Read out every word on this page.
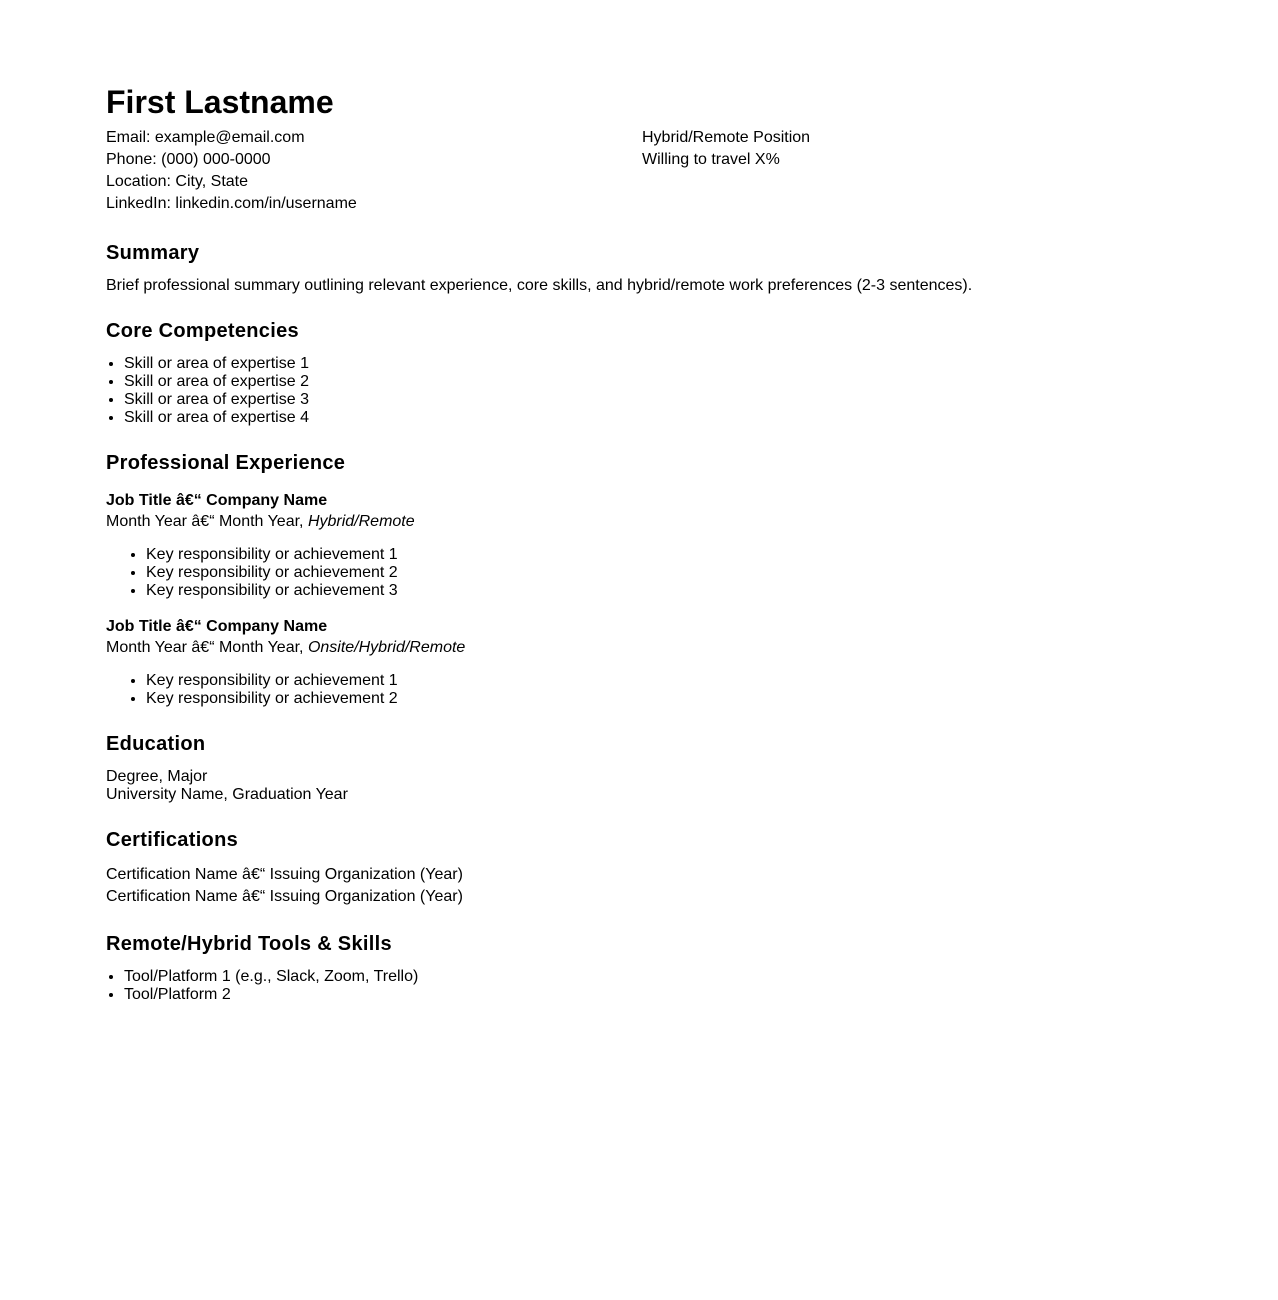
First Lastname
Email: example@email.com
Phone: (000) 000-0000
Location: City, State
LinkedIn: linkedin.com/in/username
Hybrid/Remote Position
Willing to travel X%
Summary
Brief professional summary outlining relevant experience, core skills, and hybrid/remote work preferences (2-3 sentences).
Core Competencies
• Skill or area of expertise 1
• Skill or area of expertise 2
• Skill or area of expertise 3
• Skill or area of expertise 4
Professional Experience
Job Title â€“ Company Name
Month Year â€“ Month Year, Hybrid/Remote
• Key responsibility or achievement 1
• Key responsibility or achievement 2
• Key responsibility or achievement 3
Job Title â€“ Company Name
Month Year â€“ Month Year, Onsite/Hybrid/Remote
• Key responsibility or achievement 1
• Key responsibility or achievement 2
Education
Degree, Major
University Name, Graduation Year
Certifications
Certification Name â€“ Issuing Organization (Year)
Certification Name â€“ Issuing Organization (Year)
Remote/Hybrid Tools & Skills
• Tool/Platform 1 (e.g., Slack, Zoom, Trello)
• Tool/Platform 2
